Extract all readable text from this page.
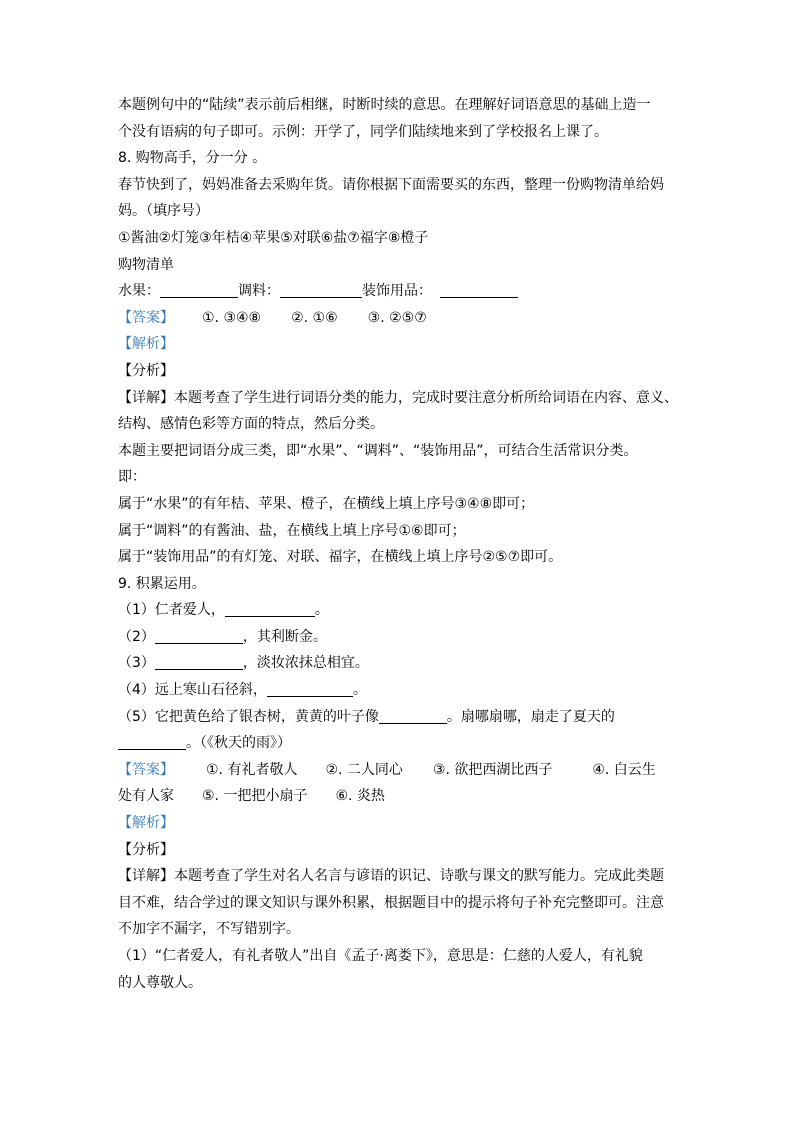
本题例句中的“陆续”表示前后相继，时断时续的意思。在理解好词语意思的基础上造一
个没有语病的句子即可。示例：开学了，同学们陆续地来到了学校报名上课了。
8. 购物高手，分一分 。
春节快到了，妈妈准备去采购年货。请你根据下面需要买的东西，整理一份购物清单给妈
妈。（填序号）
①酱油②灯笼③年桔④苹果⑤对联⑥盐⑦福字⑧橙子
购物清单
水果：	调料：	装饰用品：
【答案】 ①. ③④⑧ ②. ①⑥ ③. ②⑤⑦
【解析】
【分析】
【详解】本题考查了学生进行词语分类的能力，完成时要注意分析所给词语在内容、意义、
结构、感情色彩等方面的特点，然后分类。
本题主要把词语分成三类，即“水果”、“调料”、“装饰用品”，可结合生活常识分类。
即：
属于“水果”的有年桔、苹果、橙子，在横线上填上序号③④⑧即可；
属于“调料”的有酱油、盐，在横线上填上序号①⑥即可；
属于“装饰用品”的有灯笼、对联、福字，在横线上填上序号②⑤⑦即可。
9. 积累运用。
（1）仁者爱人，	。
（2）	，其利断金。
（3）	，淡妆浓抹总相宜。
（4）远上寒山石径斜，	。
（5）它把黄色给了银杏树，黄黄的叶子像	。扇哪扇哪，扇走了夏天的
。（《秋天的雨》）
【答案】 ①. 有礼者敬人 ②. 二人同心 ③. 欲把西湖比西子	④. 白云生
处有人家 ⑤. 一把把小扇子 ⑥. 炎热
【解析】
【分析】
【详解】本题考查了学生对名人名言与谚语的识记、诗歌与课文的默写能力。完成此类题
目不难，结合学过的课文知识与课外积累，根据题目中的提示将句子补充完整即可。注意
不加字不漏字，不写错别字。
（1）“仁者爱人，有礼者敬人”出自《孟子·离娄下》，意思是：仁慈的人爱人，有礼貌
的人尊敬人。
